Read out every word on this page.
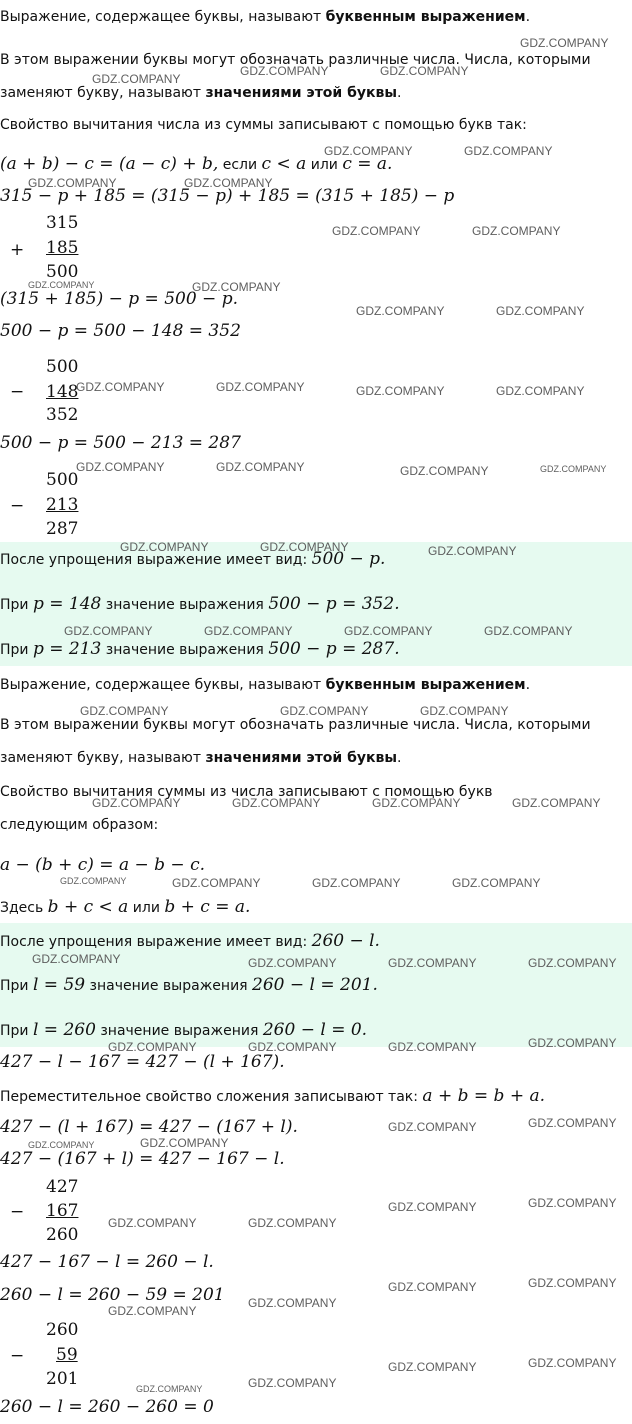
Выражение, содержащее буквы, называют буквенным выражением.
В этом выражении буквы могут обозначать различные числа. Числа, которыми
заменяют букву, называют значениями этой буквы.
Свойство вычитания числа из суммы записывают с помощью букв так:
(a + b) − c = (a − c) + b, если c < a или c = a.
315 − p + 185 = (315 − p) + 185 = (315 + 185) − p
315
+ 185
500
(315 + 185) − p = 500 − p.
500 − p = 500 − 148 = 352
500
− 148
352
500 − p = 500 − 213 = 287
500
− 213
287
После упрощения выражение имеет вид: 500 − p.
При p = 148 значение выражения 500 − p = 352.
При p = 213 значение выражения 500 − p = 287.
Выражение, содержащее буквы, называют буквенным выражением.
В этом выражении буквы могут обозначать различные числа. Числа, которыми
заменяют букву, называют значениями этой буквы.
Свойство вычитания суммы из числа записывают с помощью букв
следующим образом:
a − (b + c) = a − b − c.
Здесь b + c < a или b + c = a.
После упрощения выражение имеет вид: 260 − l.
При l = 59 значение выражения 260 − l = 201.
При l = 260 значение выражения 260 − l = 0.
427 − l − 167 = 427 − (l + 167).
Переместительное свойство сложения записывают так: a + b = b + a.
427 − (l + 167) = 427 − (167 + l).
427 − (167 + l) = 427 − 167 − l.
427
− 167
260
427 − 167 − l = 260 − l.
260 − l = 260 − 59 = 201
260
− 59
201
260 − l = 260 − 260 = 0
GDZ.COMPANY
GDZ.COMPANY
GDZ.COMPANY	GDZ.COMPANY
GDZ.COMPANY	GDZ.COMPANY
GDZ.COMPANY	GDZ.COMPANY
GDZ.COMPANY	GDZ.COMPANY
GDZ.COMPANY	GDZ.COMPANY
GDZ.COMPANY	GDZ.COMPANY
GDZ.COMPANY	GDZ.COMPANY	GDZ.COMPANY	GDZ.COMPANY
GDZ.COMPANY	GDZ.COMPANY	GDZ.COMPANY	GDZ.COMPANY
GDZ.COMPANY	GDZ.COMPANY	GDZ.COMPANY
GDZ.COMPANY	GDZ.COMPANY	GDZ.COMPANY	GDZ.COMPANY
GDZ.COMPANY	GDZ.COMPANY	GDZ.COMPANY
GDZ.COMPANY	GDZ.COMPANY	GDZ.COMPANY	GDZ.COMPANY
GDZ.COMPANY	GDZ.COMPANY	GDZ.COMPANY	GDZ.COMPANY
GDZ.COMPANY	GDZ.COMPANY	GDZ.COMPANY	GDZ.COMPANY
GDZ.COMPANY	GDZ.COMPANY	GDZ.COMPANY	GDZ.COMPANY
GDZ.COMPANY	GDZ.COMPANY
GDZ.COMPANY	GDZ.COMPANY
GDZ.COMPANY	GDZ.COMPANY
GDZ.COMPANY	GDZ.COMPANY
GDZ.COMPANY	GDZ.COMPANY
GDZ.COMPANY
GDZ.COMPANY
GDZ.COMPANY	GDZ.COMPANY
GDZ.COMPANY	GDZ.COMPANY
